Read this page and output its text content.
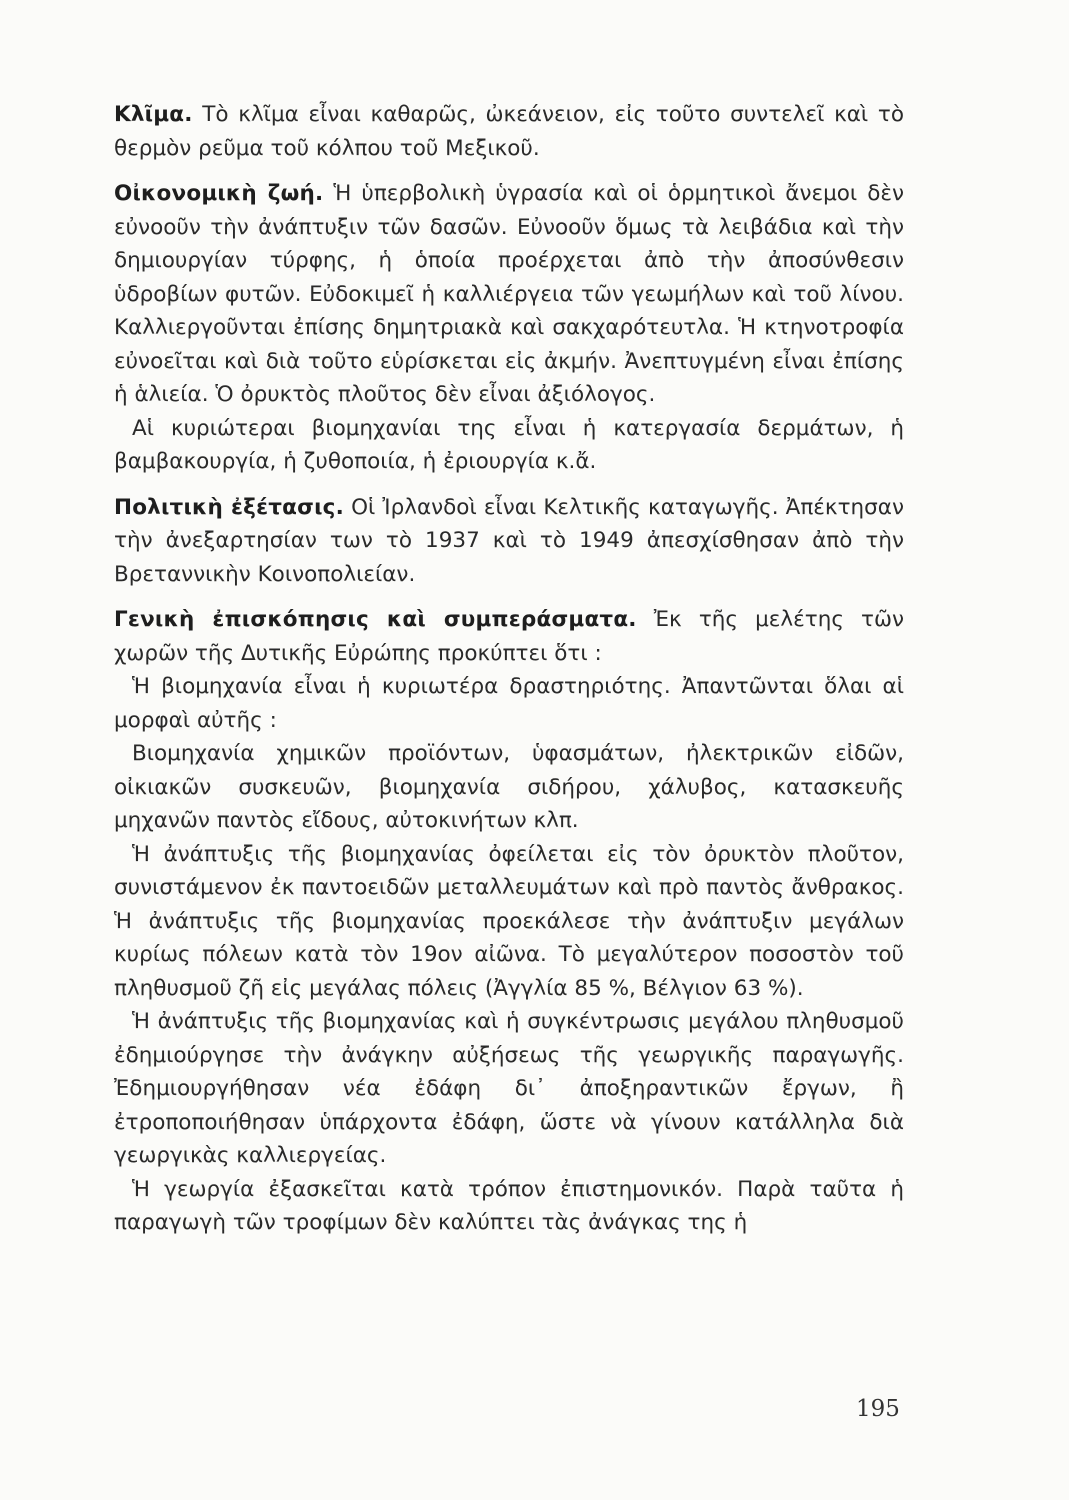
Κλῖμα. Τὸ κλῖμα εἶναι καθαρῶς, ὠκεάνειον, εἰς τοῦτο συντελεῖ καὶ τὸ θερμὸν ρεῦμα τοῦ κόλπου τοῦ Μεξικοῦ.

Οἰκονομικὴ ζωή. Ἡ ὑπερβολικὴ ὑγρασία καὶ οἱ ὁρμητικοὶ ἄνεμοι δὲν εὐνοοῦν τὴν ἀνάπτυξιν τῶν δασῶν. Εὐνοοῦν ὅμως τὰ λειβάδια καὶ τὴν δημιουργίαν τύρφης, ἡ ὁποία προέρχεται ἀπὸ τὴν ἀποσύνθεσιν ὑδροβίων φυτῶν. Εὐδοκιμεῖ ἡ καλλιέργεια τῶν γεωμήλων καὶ τοῦ λίνου. Καλλιεργοῦνται ἐπίσης δημητριακὰ καὶ σακχαρότευτλα. Ἡ κτηνοτροφία εὐνοεῖται καὶ διὰ τοῦτο εὑρίσκεται εἰς ἀκμήν. Ἀνεπτυγμένη εἶναι ἐπίσης ἡ ἁλιεία. Ὁ ὀρυκτὸς πλοῦτος δὲν εἶναι ἀξιόλογος.

Αἱ κυριώτεραι βιομηχανίαι της εἶναι ἡ κατεργασία δερμάτων, ἡ βαμβακουργία, ἡ ζυθοποιία, ἡ ἐριουργία κ.ἄ.

Πολιτικὴ ἐξέτασις. Οἱ Ἰρλανδοὶ εἶναι Κελτικῆς καταγωγῆς. Ἀπέκτησαν τὴν ἀνεξαρτησίαν των τὸ 1937 καὶ τὸ 1949 ἀπεσχίσθησαν ἀπὸ τὴν Βρεταννικὴν Κοινοπολιείαν.

Γενικὴ ἐπισκόπησις καὶ συμπεράσματα. Ἐκ τῆς μελέτης τῶν χωρῶν τῆς Δυτικῆς Εὐρώπης προκύπτει ὅτι :

Ἡ βιομηχανία εἶναι ἡ κυριωτέρα δραστηριότης. Ἀπαντῶνται ὅλαι αἱ μορφαὶ αὐτῆς :

Βιομηχανία χημικῶν προϊόντων, ὑφασμάτων, ἠλεκτρικῶν εἰδῶν, οἰκιακῶν συσκευῶν, βιομηχανία σιδήρου, χάλυβος, κατασκευῆς μηχανῶν παντὸς εἴδους, αὐτοκινήτων κλπ.

Ἡ ἀνάπτυξις τῆς βιομηχανίας ὀφείλεται εἰς τὸν ὀρυκτὸν πλοῦτον, συνιστάμενον ἐκ παντοειδῶν μεταλλευμάτων καὶ πρὸ παντὸς ἄνθρακος. Ἡ ἀνάπτυξις τῆς βιομηχανίας προεκάλεσε τὴν ἀνάπτυξιν μεγάλων κυρίως πόλεων κατὰ τὸν 19ον αἰῶνα. Τὸ μεγαλύτερον ποσοστὸν τοῦ πληθυσμοῦ ζῆ εἰς μεγάλας πόλεις (Ἀγγλία 85 %, Βέλγιον 63 %).

Ἡ ἀνάπτυξις τῆς βιομηχανίας καὶ ἡ συγκέντρωσις μεγάλου πληθυσμοῦ ἐδημιούργησε τὴν ἀνάγκην αὐξήσεως τῆς γεωργικῆς παραγωγῆς. Ἐδημιουργήθησαν νέα ἐδάφη δι᾿ ἀποξηραντικῶν ἔργων, ἢ ἐτροποποιήθησαν ὑπάρχοντα ἐδάφη, ὥστε νὰ γίνουν κατάλληλα διὰ γεωργικὰς καλλιεργείας.

Ἡ γεωργία ἐξασκεῖται κατὰ τρόπον ἐπιστημονικόν. Παρὰ ταῦτα ἡ παραγωγὴ τῶν τροφίμων δὲν καλύπτει τὰς ἀνάγκας της ἡ

195
